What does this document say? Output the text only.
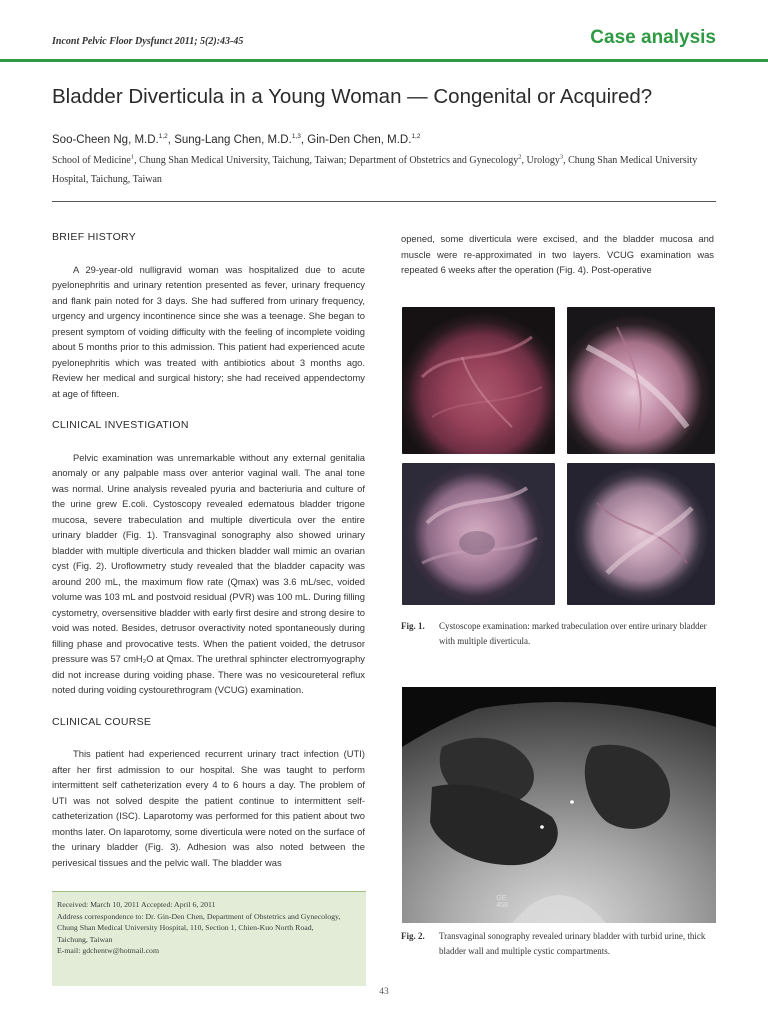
Incont Pelvic Floor Dysfunct 2011; 5(2):43-45	Case analysis
Bladder Diverticula in a Young Woman — Congenital or Acquired?
Soo-Cheen Ng, M.D.$^{1,2}$, Sung-Lang Chen, M.D.$^{1,3}$, Gin-Den Chen, M.D.$^{1,2}$

School of Medicine$^1$, Chung Shan Medical University, Taichung, Taiwan; Department of Obstetrics and Gynecology$^2$, Urology$^3$, Chung Shan Medical University Hospital, Taichung, Taiwan

BRIEF HISTORY

A 29-year-old nulligravid woman was hospitalized due to acute pyelonephritis and urinary retention presented as fever, urinary frequency and flank pain noted for 3 days. She had suffered from urinary frequency, urgency and urgency incontinence since she was a teenage. She began to present symptom of voiding difficulty with the feeling of incomplete voiding about 5 months prior to this admission. This patient had experienced acute pyelonephritis which was treated with antibiotics about 3 months ago. Review her medical and surgical history; she had received appendectomy at age of fifteen.

CLINICAL INVESTIGATION

Pelvic examination was unremarkable without any external genitalia anomaly or any palpable mass over anterior vaginal wall. The anal tone was normal. Urine analysis revealed pyuria and bacteriuria and culture of the urine grew E.coli. Cystoscopy revealed edematous bladder trigone mucosa, severe trabeculation and multiple diverticula over the entire urinary bladder (Fig. 1). Transvaginal sonography also showed urinary bladder with multiple diverticula and thicken bladder wall mimic an ovarian cyst (Fig. 2). Uroflowmetry study revealed that the bladder capacity was around 200 mL, the maximum flow rate (Qmax) was 3.6 mL/sec, voided volume was 103 mL and postvoid residual (PVR) was 100 mL. During filling cystometry, oversensitive bladder with early first desire and strong desire to void was noted. Besides, detrusor overactivity noted spontaneously during filling phase and provocative tests. When the patient voided, the detrusor pressure was 57 cmH₂O at Qmax. The urethral sphincter electromyography did not increase during voiding phase. There was no vesicoureteral reflux noted during voiding cystourethrogram (VCUG) examination.

CLINICAL COURSE

This patient had experienced recurrent urinary tract infection (UTI) after her first admission to our hospital. She was taught to perform intermittent self catheterization every 4 to 6 hours a day. The problem of UTI was not solved despite the patient continue to intermittent self-catheterization (ISC). Laparotomy was performed for this patient about two months later. On laparotomy, some diverticula were noted on the surface of the urinary bladder (Fig. 3). Adhesion was also noted between the perivesical tissues and the pelvic wall. The bladder was

opened, some diverticula were excised, and the bladder mucosa and muscle were re-approximated in two layers. VCUG examination was repeated 6 weeks after the operation (Fig. 4). Post-operative

Fig. 1. Cystoscope examination: marked trabeculation over entire urinary bladder with multiple diverticula.
GE
458
Fig. 2. Transvaginal sonography revealed urinary bladder with turbid urine, thick bladder wall and multiple cystic compartments.
Received: March 10, 2011 Accepted: April 6, 2011
Address correspondence to: Dr. Gin-Den Chen, Department of Obstetrics and Gynecology,
Chung Shan Medical University Hospital, 110, Section 1, Chien-Kuo North Road,
Taichung, Taiwan
E-mail: gdchentw@hotmail.com
43
